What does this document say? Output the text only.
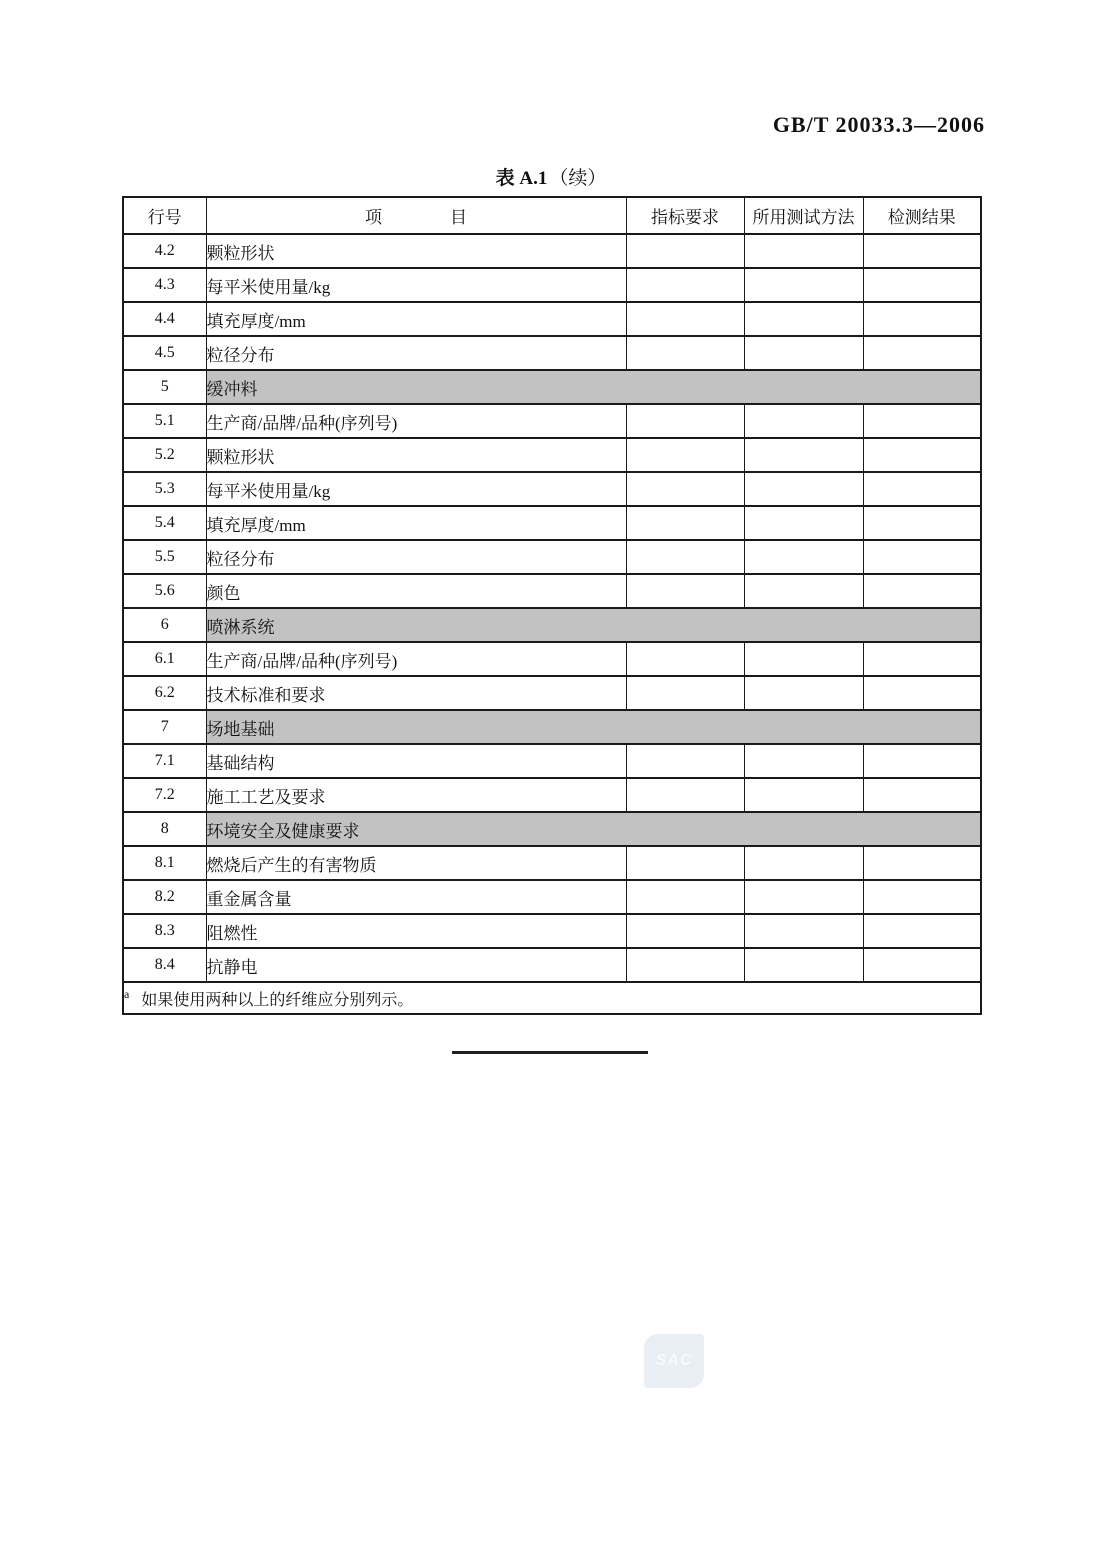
GB/T 20033.3—2006
表 A.1 （续）
行号	项　　　　目	指标要求	所用测试方法	检测结果
4.2	颗粒形状			
4.3	每平米使用量/kg			
4.4	填充厚度/mm			
4.5	粒径分布			
5	缓冲料			
5.1	生产商/品牌/品种(序列号)			
5.2	颗粒形状			
5.3	每平米使用量/kg			
5.4	填充厚度/mm			
5.5	粒径分布			
5.6	颜色			
6	喷淋系统			
6.1	生产商/品牌/品种(序列号)			
6.2	技术标准和要求			
7	场地基础			
7.1	基础结构			
7.2	施工工艺及要求			
8	环境安全及健康要求			
8.1	燃烧后产生的有害物质			
8.2	重金属含量			
8.3	阻燃性			
8.4	抗静电			
$^a$ 如果使用两种以上的纤维应分别列示。				
SAC
